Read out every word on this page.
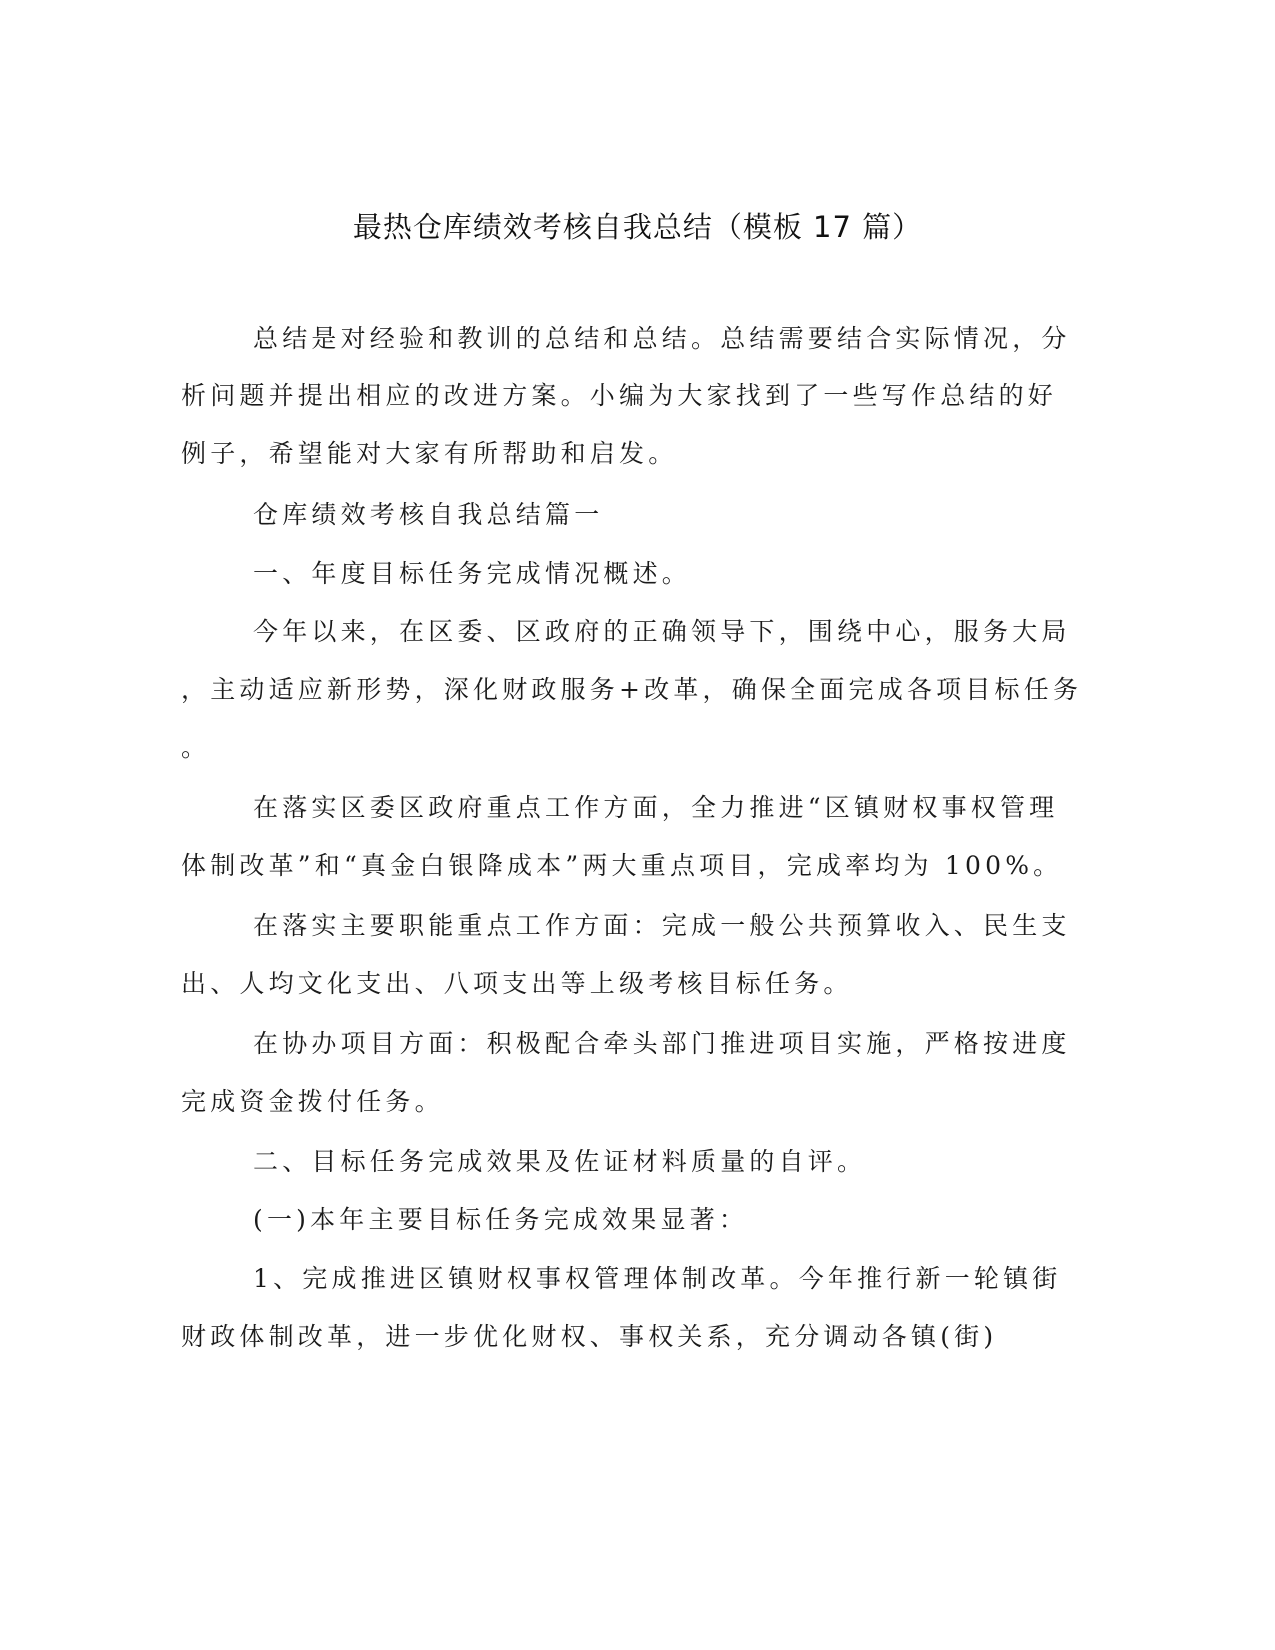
最热仓库绩效考核自我总结（模板 17 篇）

总结是对经验和教训的总结和总结。总结需要结合实际情况，分

析问题并提出相应的改进方案。小编为大家找到了一些写作总结的好

例子，希望能对大家有所帮助和启发。

仓库绩效考核自我总结篇一

一、年度目标任务完成情况概述。

今年以来，在区委、区政府的正确领导下，围绕中心，服务大局

，主动适应新形势，深化财政服务+改革，确保全面完成各项目标任务

。

在落实区委区政府重点工作方面，全力推进“区镇财权事权管理

体制改革”和“真金白银降成本”两大重点项目，完成率均为 100%。

在落实主要职能重点工作方面：完成一般公共预算收入、民生支

出、人均文化支出、八项支出等上级考核目标任务。

在协办项目方面：积极配合牵头部门推进项目实施，严格按进度

完成资金拨付任务。

二、目标任务完成效果及佐证材料质量的自评。

(一)本年主要目标任务完成效果显著：

1、完成推进区镇财权事权管理体制改革。今年推行新一轮镇街

财政体制改革，进一步优化财权、事权关系，充分调动各镇(街)
